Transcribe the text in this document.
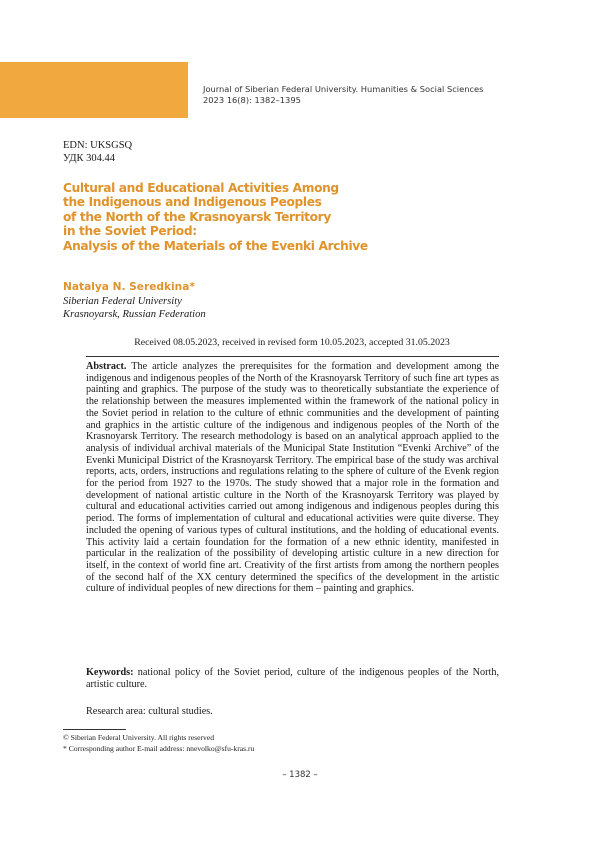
Journal of Siberian Federal University. Humanities & Social Sciences
2023 16(8): 1382–1395
EDN: UKSGSQ
УДК 304.44
Cultural and Educational Activities Among
the Indigenous and Indigenous Peoples
of the North of the Krasnoyarsk Territory
in the Soviet Period:
Analysis of the Materials of the Evenki Archive
Natalya N. Seredkina*
Siberian Federal University
Krasnoyarsk, Russian Federation
Received 08.05.2023, received in revised form 10.05.2023, accepted 31.05.2023

Abstract. The article analyzes the prerequisites for the formation and development among the indigenous and indigenous peoples of the North of the Krasnoyarsk Territory of such fine art types as painting and graphics. The purpose of the study was to theoretically substantiate the experience of the relationship between the measures implemented within the framework of the national policy in the Soviet period in relation to the culture of ethnic communities and the development of painting and graphics in the artistic culture of the indigenous and indigenous peoples of the North of the Krasnoyarsk Territory. The research methodology is based on an analytical approach applied to the analysis of individual archival materials of the Municipal State Institution “Evenki Archive” of the Evenki Municipal District of the Krasnoyarsk Territory. The empirical base of the study was archival reports, acts, orders, instructions and regulations relating to the sphere of culture of the Evenk region for the period from 1927 to the 1970s. The study showed that a major role in the formation and development of national artistic culture in the North of the Krasnoyarsk Territory was played by cultural and educational activities carried out among indigenous and indigenous peoples during this period. The forms of implementation of cultural and educational activities were quite diverse. They included the opening of various types of cultural institutions, and the holding of educational events. This activity laid a certain foundation for the formation of a new ethnic identity, manifested in particular in the realization of the possibility of developing artistic culture in a new direction for itself, in the context of world fine art. Creativity of the first artists from among the northern peoples of the second half of the XX century determined the specifics of the development in the artistic culture of individual peoples of new directions for them – painting and graphics.

Keywords: national policy of the Soviet period, culture of the indigenous peoples of the North, artistic culture.

Research area: cultural studies.

© Siberian Federal University. All rights reserved
* Corresponding author E-mail address: nnevolko@sfu-kras.ru
– 1382 –
